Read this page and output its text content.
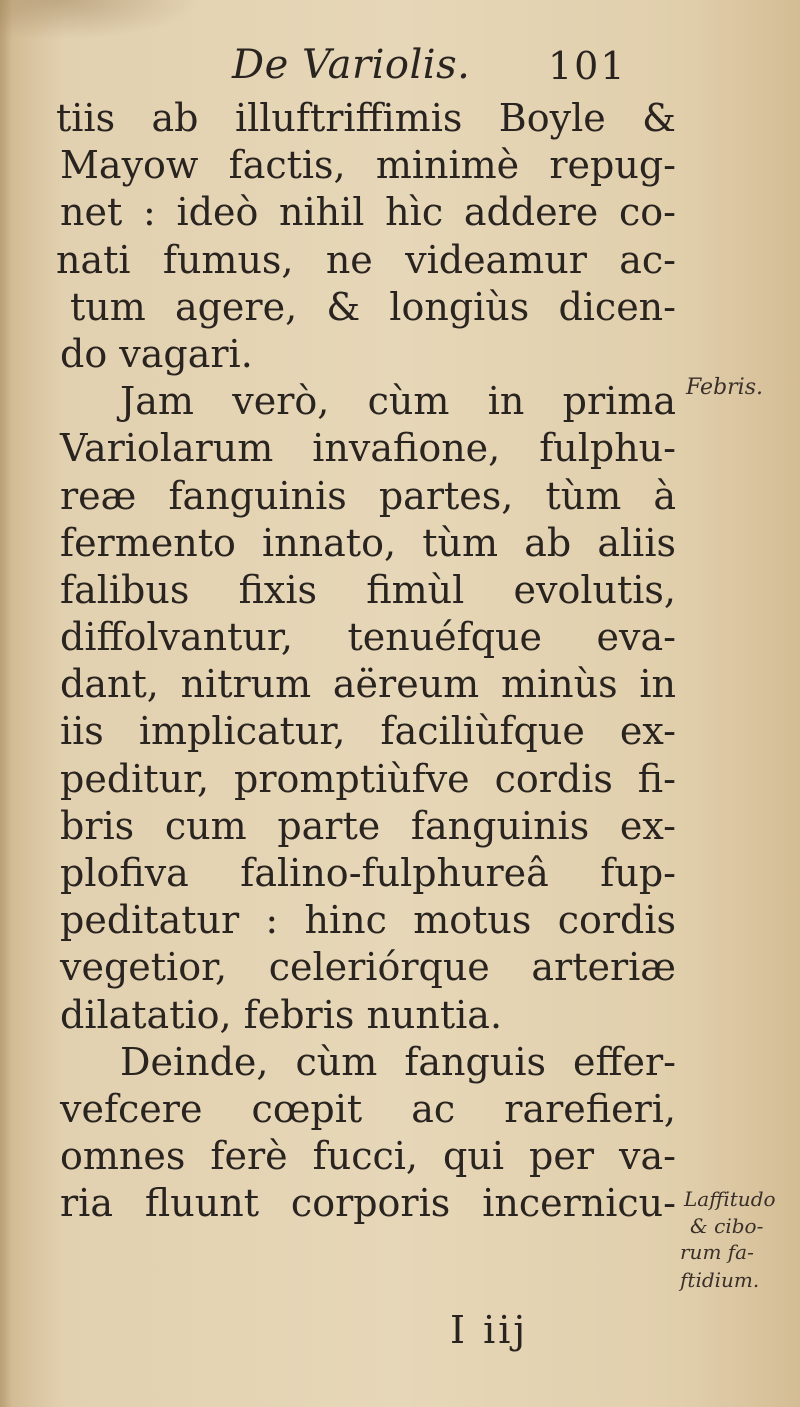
De Variolis. 101
tiis ab illuftriffimis Boyle &
Mayow factis, minimè repug-
net : ideò nihil hìc addere co-
nati fumus, ne videamur ac-
tum agere, & longiùs dicen-
do vagari.
Jam verò, cùm in prima
Variolarum invafione, fulphu-
reæ fanguinis partes, tùm à
fermento innato, tùm ab aliis
falibus fixis fimùl evolutis,
diffolvantur, tenuéfque eva-
dant, nitrum aëreum minùs in
iis implicatur, faciliùfque ex-
peditur, promptiùfve cordis fi-
bris cum parte fanguinis ex-
plofiva falino-fulphureâ fup-
peditatur : hinc motus cordis
vegetior, celeriórque arteriæ
dilatatio, febris nuntia.
Deinde, cùm fanguis effer-
vefcere cœpit ac rarefieri,
omnes ferè fucci, qui per va-
ria fluunt corporis incernicu-
Febris.
Laffitudo
& cibo-
rum fa-
ftidium.
I iij
